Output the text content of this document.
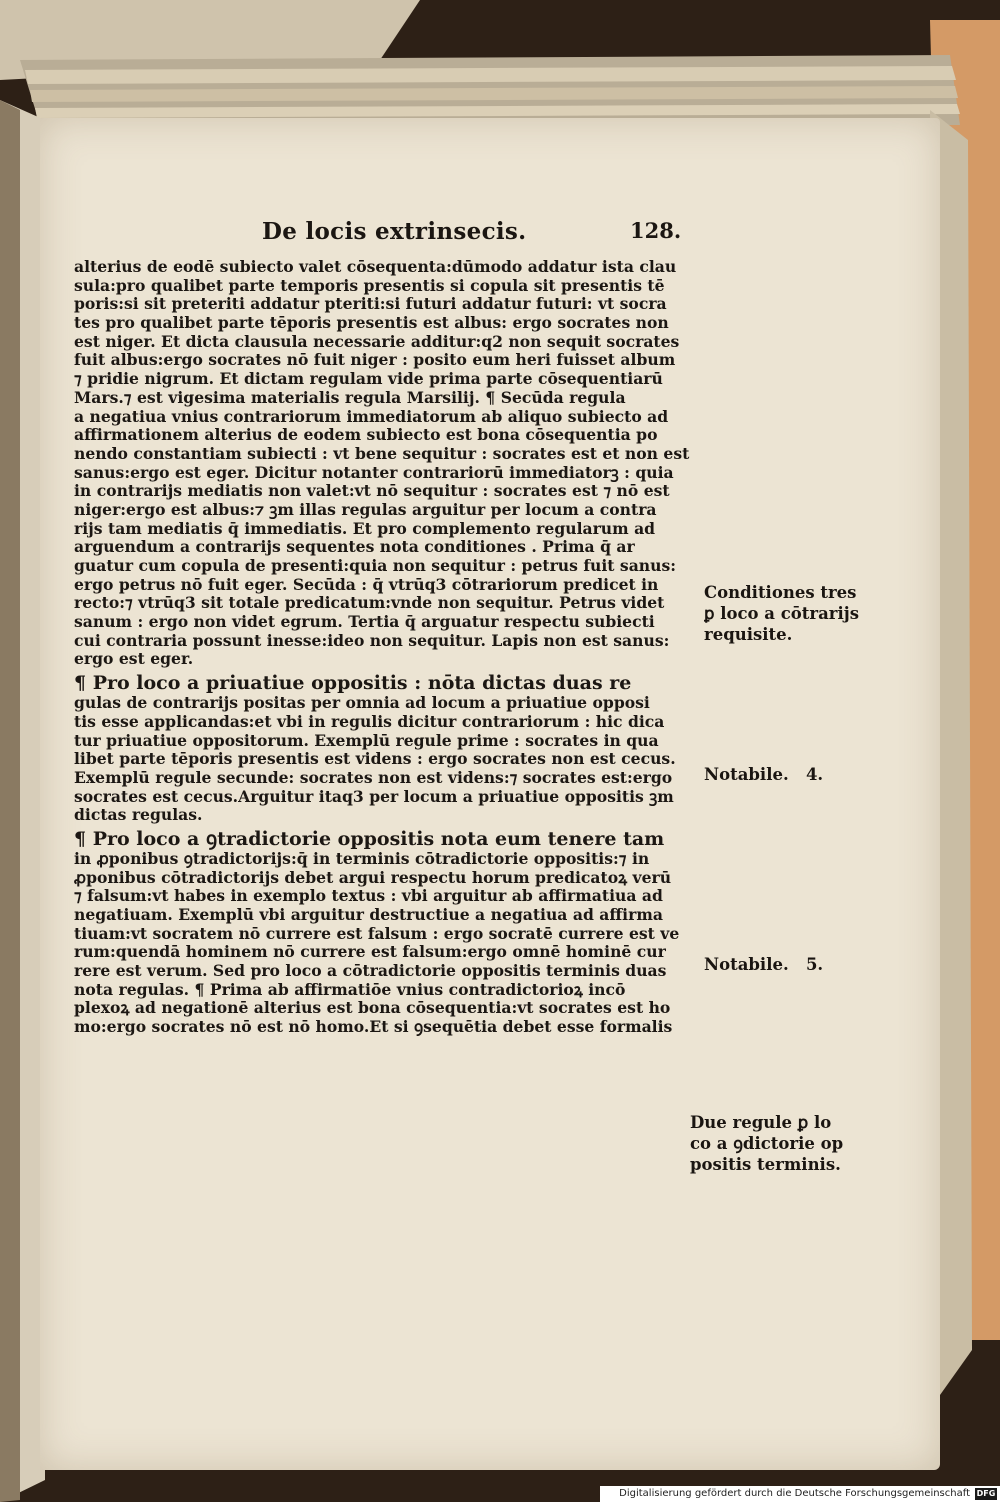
De locis extrinsecis.	128.
alterius de eodē subiecto valet cōsequenta:dūmodo addatur ista clau
sula:pro qualibet parte temporis presentis si copula sit presentis tē
poris:si sit preteriti addatur pteriti:si futuri addatur futuri: vt socra
tes pro qualibet parte tēporis presentis est albus: ergo socrates non
est niger. Et dicta clausula necessarie additur:q2 non sequit socrates
fuit albus:ergo socrates nō fuit niger : posito eum heri fuisset album
⁊ pridie nigrum. Et dictam regulam vide prima parte cōsequentiarū
Mars.⁊ est vigesima materialis regula Marsilij. ¶ Secūda regula
a negatiua vnius contrariorum immediatorum ab aliquo subiecto ad
affirmationem alterius de eodem subiecto est bona cōsequentia po
nendo constantiam subiecti : vt bene sequitur : socrates est et non est
sanus:ergo est eger. Dicitur notanter contrariorū immediatorꝫ : quia
in contrarijs mediatis non valet:vt nō sequitur : socrates est ⁊ nō est
niger:ergo est albus:⁊ ꝫm illas regulas arguitur per locum a contra
rijs tam mediatis q̄ immediatis. Et pro complemento regularum ad
arguendum a contrarijs sequentes nota conditiones . Prima q̄ ar
guatur cum copula de presenti:quia non sequitur : petrus fuit sanus:
ergo petrus nō fuit eger. Secūda : q̄ vtrūq3 cōtrariorum predicet in
recto:⁊ vtrūq3 sit totale predicatum:vnde non sequitur. Petrus videt
sanum : ergo non videt egrum. Tertia q̄ arguatur respectu subiecti
cui contraria possunt inesse:ideo non sequitur. Lapis non est sanus:
ergo est eger.
¶ Pro loco a priuatiue oppositis : nōta dictas duas re
gulas de contrarijs positas per omnia ad locum a priuatiue opposi
tis esse applicandas:et vbi in regulis dicitur contrariorum : hic dica
tur priuatiue oppositorum. Exemplū regule prime : socrates in qua
libet parte tēporis presentis est videns : ergo socrates non est cecus.
Exemplū regule secunde: socrates non est videns:⁊ socrates est:ergo
socrates est cecus.Arguitur itaq3 per locum a priuatiue oppositis ꝫm
dictas regulas.
¶ Pro loco a ꝯtradictorie oppositis nota eum tenere tam
in ꝓponibus ꝯtradictorijs:q̄ in terminis cōtradictorie oppositis:⁊ in
ꝓponibus cōtradictorijs debet argui respectu horum predicatoꝝ verū
⁊ falsum:vt habes in exemplo textus : vbi arguitur ab affirmatiua ad
negatiuam. Exemplū vbi arguitur destructiue a negatiua ad affirma
tiuam:vt socratem nō currere est falsum : ergo socratē currere est ve
rum:quendā hominem nō currere est falsum:ergo omnē hominē cur
rere est verum. Sed pro loco a cōtradictorie oppositis terminis duas
nota regulas. ¶ Prima ab affirmatiōe vnius contradictorioꝝ incō
plexoꝝ ad negationē alterius est bona cōsequentia:vt socrates est ho
mo:ergo socrates nō est nō homo.Et si ꝯsequētia debet esse formalis
Conditiones tres
ꝑ loco a cōtrarijs
requisite.
Notabile.   4.
Notabile.   5.
Due regule ꝑ lo
co a ꝯdictorie op
positis terminis.
Digitalisierung gefördert durch die Deutsche Forschungsgemeinschaft DFG
